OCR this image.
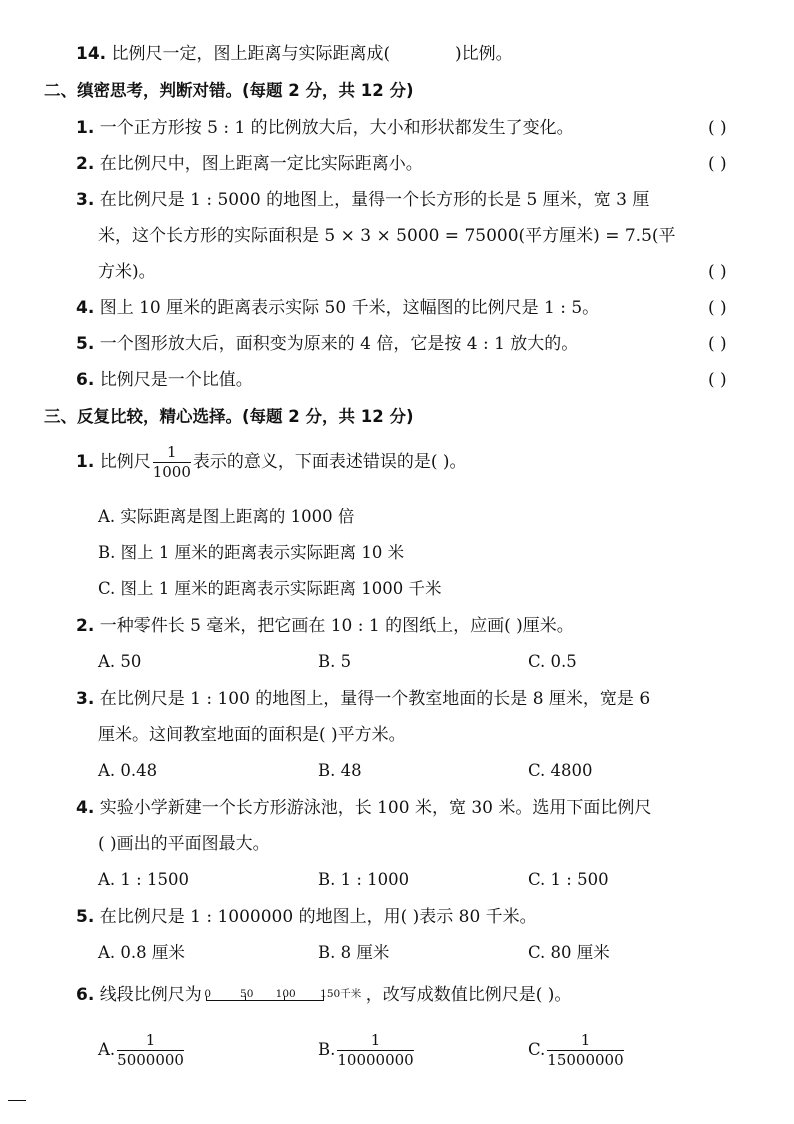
14. 比例尺一定，图上距离与实际距离成(	)比例。
二、缜密思考，判断对错。(每题 2 分，共 12 分)
1. 一个正方形按 5 : 1 的比例放大后，大小和形状都发生了变化。	( )
2. 在比例尺中，图上距离一定比实际距离小。	( )
3. 在比例尺是 1 : 5000 的地图上，量得一个长方形的长是 5 厘米，宽 3 厘
米，这个长方形的实际面积是 5 × 3 × 5000 = 75000(平方厘米) = 7.5(平
方米)。	( )
4. 图上 10 厘米的距离表示实际 50 千米，这幅图的比例尺是 1 : 5。	( )
5. 一个图形放大后，面积变为原来的 4 倍，它是按 4 : 1 放大的。	( )
6. 比例尺是一个比值。	( )
三、反复比较，精心选择。(每题 2 分，共 12 分)
1. 比例尺 $\frac{1}{1000}$ 表示的意义，下面表述错误的是( )。
A. 实际距离是图上距离的 1000 倍
B. 图上 1 厘米的距离表示实际距离 10 米
C. 图上 1 厘米的距离表示实际距离 1000 千米
2. 一种零件长 5 毫米，把它画在 10 : 1 的图纸上，应画( )厘米。
A. 50	B. 5	C. 0.5
3. 在比例尺是 1 : 100 的地图上，量得一个教室地面的长是 8 厘米，宽是 6
厘米。这间教室地面的面积是( )平方米。
A. 0.48	B. 48	C. 4800
4. 实验小学新建一个长方形游泳池，长 100 米，宽 30 米。选用下面比例尺
( )画出的平面图最大。
A. 1 : 1500	B. 1 : 1000	C. 1 : 500
5. 在比例尺是 1 : 1000000 的地图上，用( )表示 80 千米。
A. 0.8 厘米	B. 8 厘米	C. 80 厘米
6. 线段比例尺为 0	50 100 150千米 ，改写成数值比例尺是( )。
A. $\frac{1}{5000000}$	B. $\frac{1}{10000000}$	C. $\frac{1}{15000000}$
